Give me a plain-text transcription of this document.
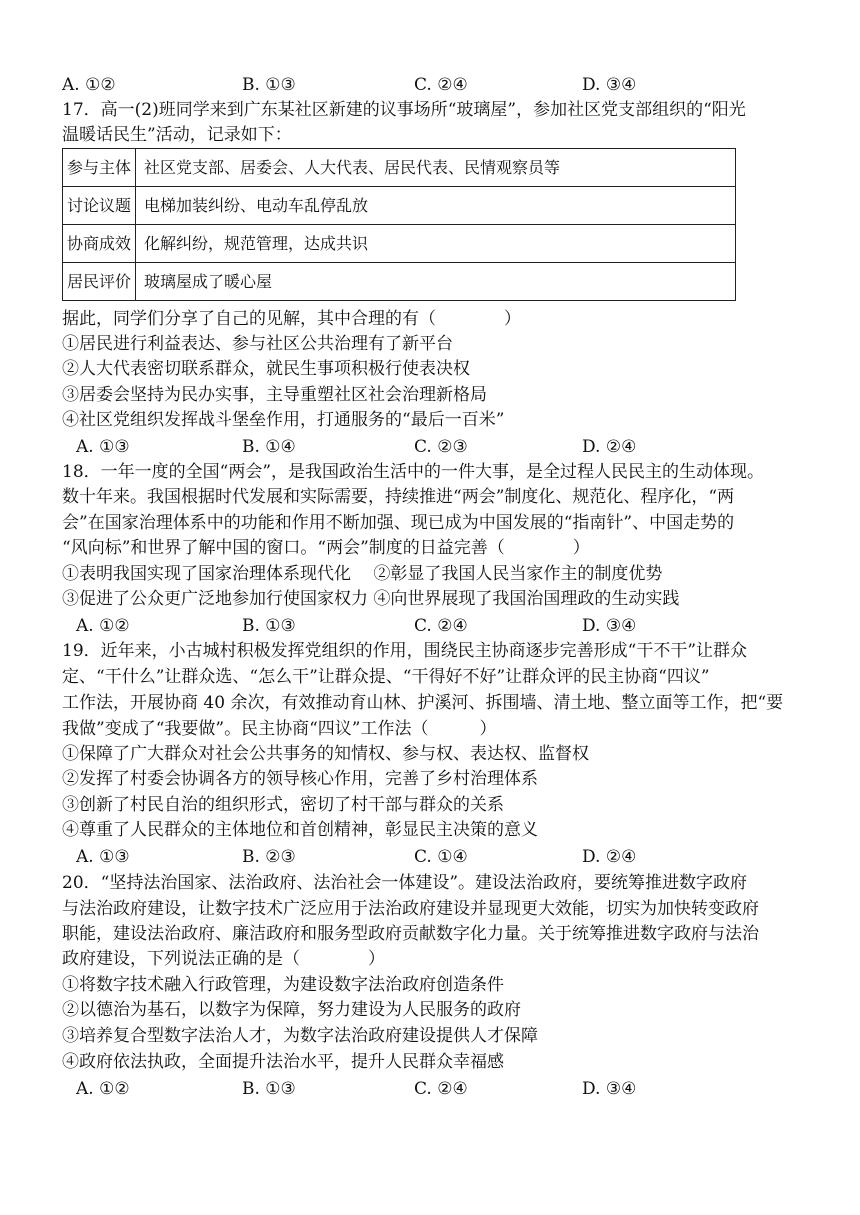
A. ①②	B. ①③	C. ②④	D. ③④
17．高一(2)班同学来到广东某社区新建的议事场所“玻璃屋”，参加社区党支部组织的“阳光
温暖话民生”活动，记录如下：
参与主体	社区党支部、居委会、人大代表、居民代表、民情观察员等
讨论议题	电梯加装纠纷、电动车乱停乱放
协商成效	化解纠纷，规范管理，达成共识
居民评价	玻璃屋成了暖心屋
据此，同学们分享了自己的见解，其中合理的有（　　　　）
①居民进行利益表达、参与社区公共治理有了新平台
②人大代表密切联系群众，就民生事项积极行使表决权
③居委会坚持为民办实事，主导重塑社区社会治理新格局
④社区党组织发挥战斗堡垒作用，打通服务的“最后一百米”
A. ①③	B. ①④	C. ②③	D. ②④
18．一年一度的全国“两会”，是我国政治生活中的一件大事，是全过程人民民主的生动体现。
数十年来。我国根据时代发展和实际需要，持续推进“两会”制度化、规范化、程序化，“两
会”在国家治理体系中的功能和作用不断加强、现已成为中国发展的“指南针”、中国走势的
“风向标”和世界了解中国的窗口。“两会”制度的日益完善（　　　　）
①表明我国实现了国家治理体系现代化　 ②彰显了我国人民当家作主的制度优势
③促进了公众更广泛地参加行使国家权力 ④向世界展现了我国治国理政的生动实践
A. ①②	B. ①③	C. ②④	D. ③④
19．近年来，小古城村积极发挥党组织的作用，围绕民主协商逐步完善形成“干不干”让群众
定、“干什么”让群众选、“怎么干”让群众提、“干得好不好”让群众评的民主协商“四议”
工作法，开展协商 40 余次，有效推动育山林、护溪河、拆围墙、清土地、整立面等工作，把“要
我做”变成了“我要做”。民主协商“四议”工作法（　　　）
①保障了广大群众对社会公共事务的知情权、参与权、表达权、监督权
②发挥了村委会协调各方的领导核心作用，完善了乡村治理体系
③创新了村民自治的组织形式，密切了村干部与群众的关系
④尊重了人民群众的主体地位和首创精神，彰显民主决策的意义
A. ①③	B. ②③	C. ①④	D. ②④
20．“坚持法治国家、法治政府、法治社会一体建设”。建设法治政府，要统筹推进数字政府
与法治政府建设，让数字技术广泛应用于法治政府建设并显现更大效能，切实为加快转变政府
职能，建设法治政府、廉洁政府和服务型政府贡献数字化力量。关于统筹推进数字政府与法治
政府建设，下列说法正确的是（　　　　）
①将数字技术融入行政管理，为建设数字法治政府创造条件
②以德治为基石，以数字为保障，努力建设为人民服务的政府
③培养复合型数字法治人才，为数字法治政府建设提供人才保障
④政府依法执政，全面提升法治水平，提升人民群众幸福感
A. ①②	B. ①③	C. ②④	D. ③④
